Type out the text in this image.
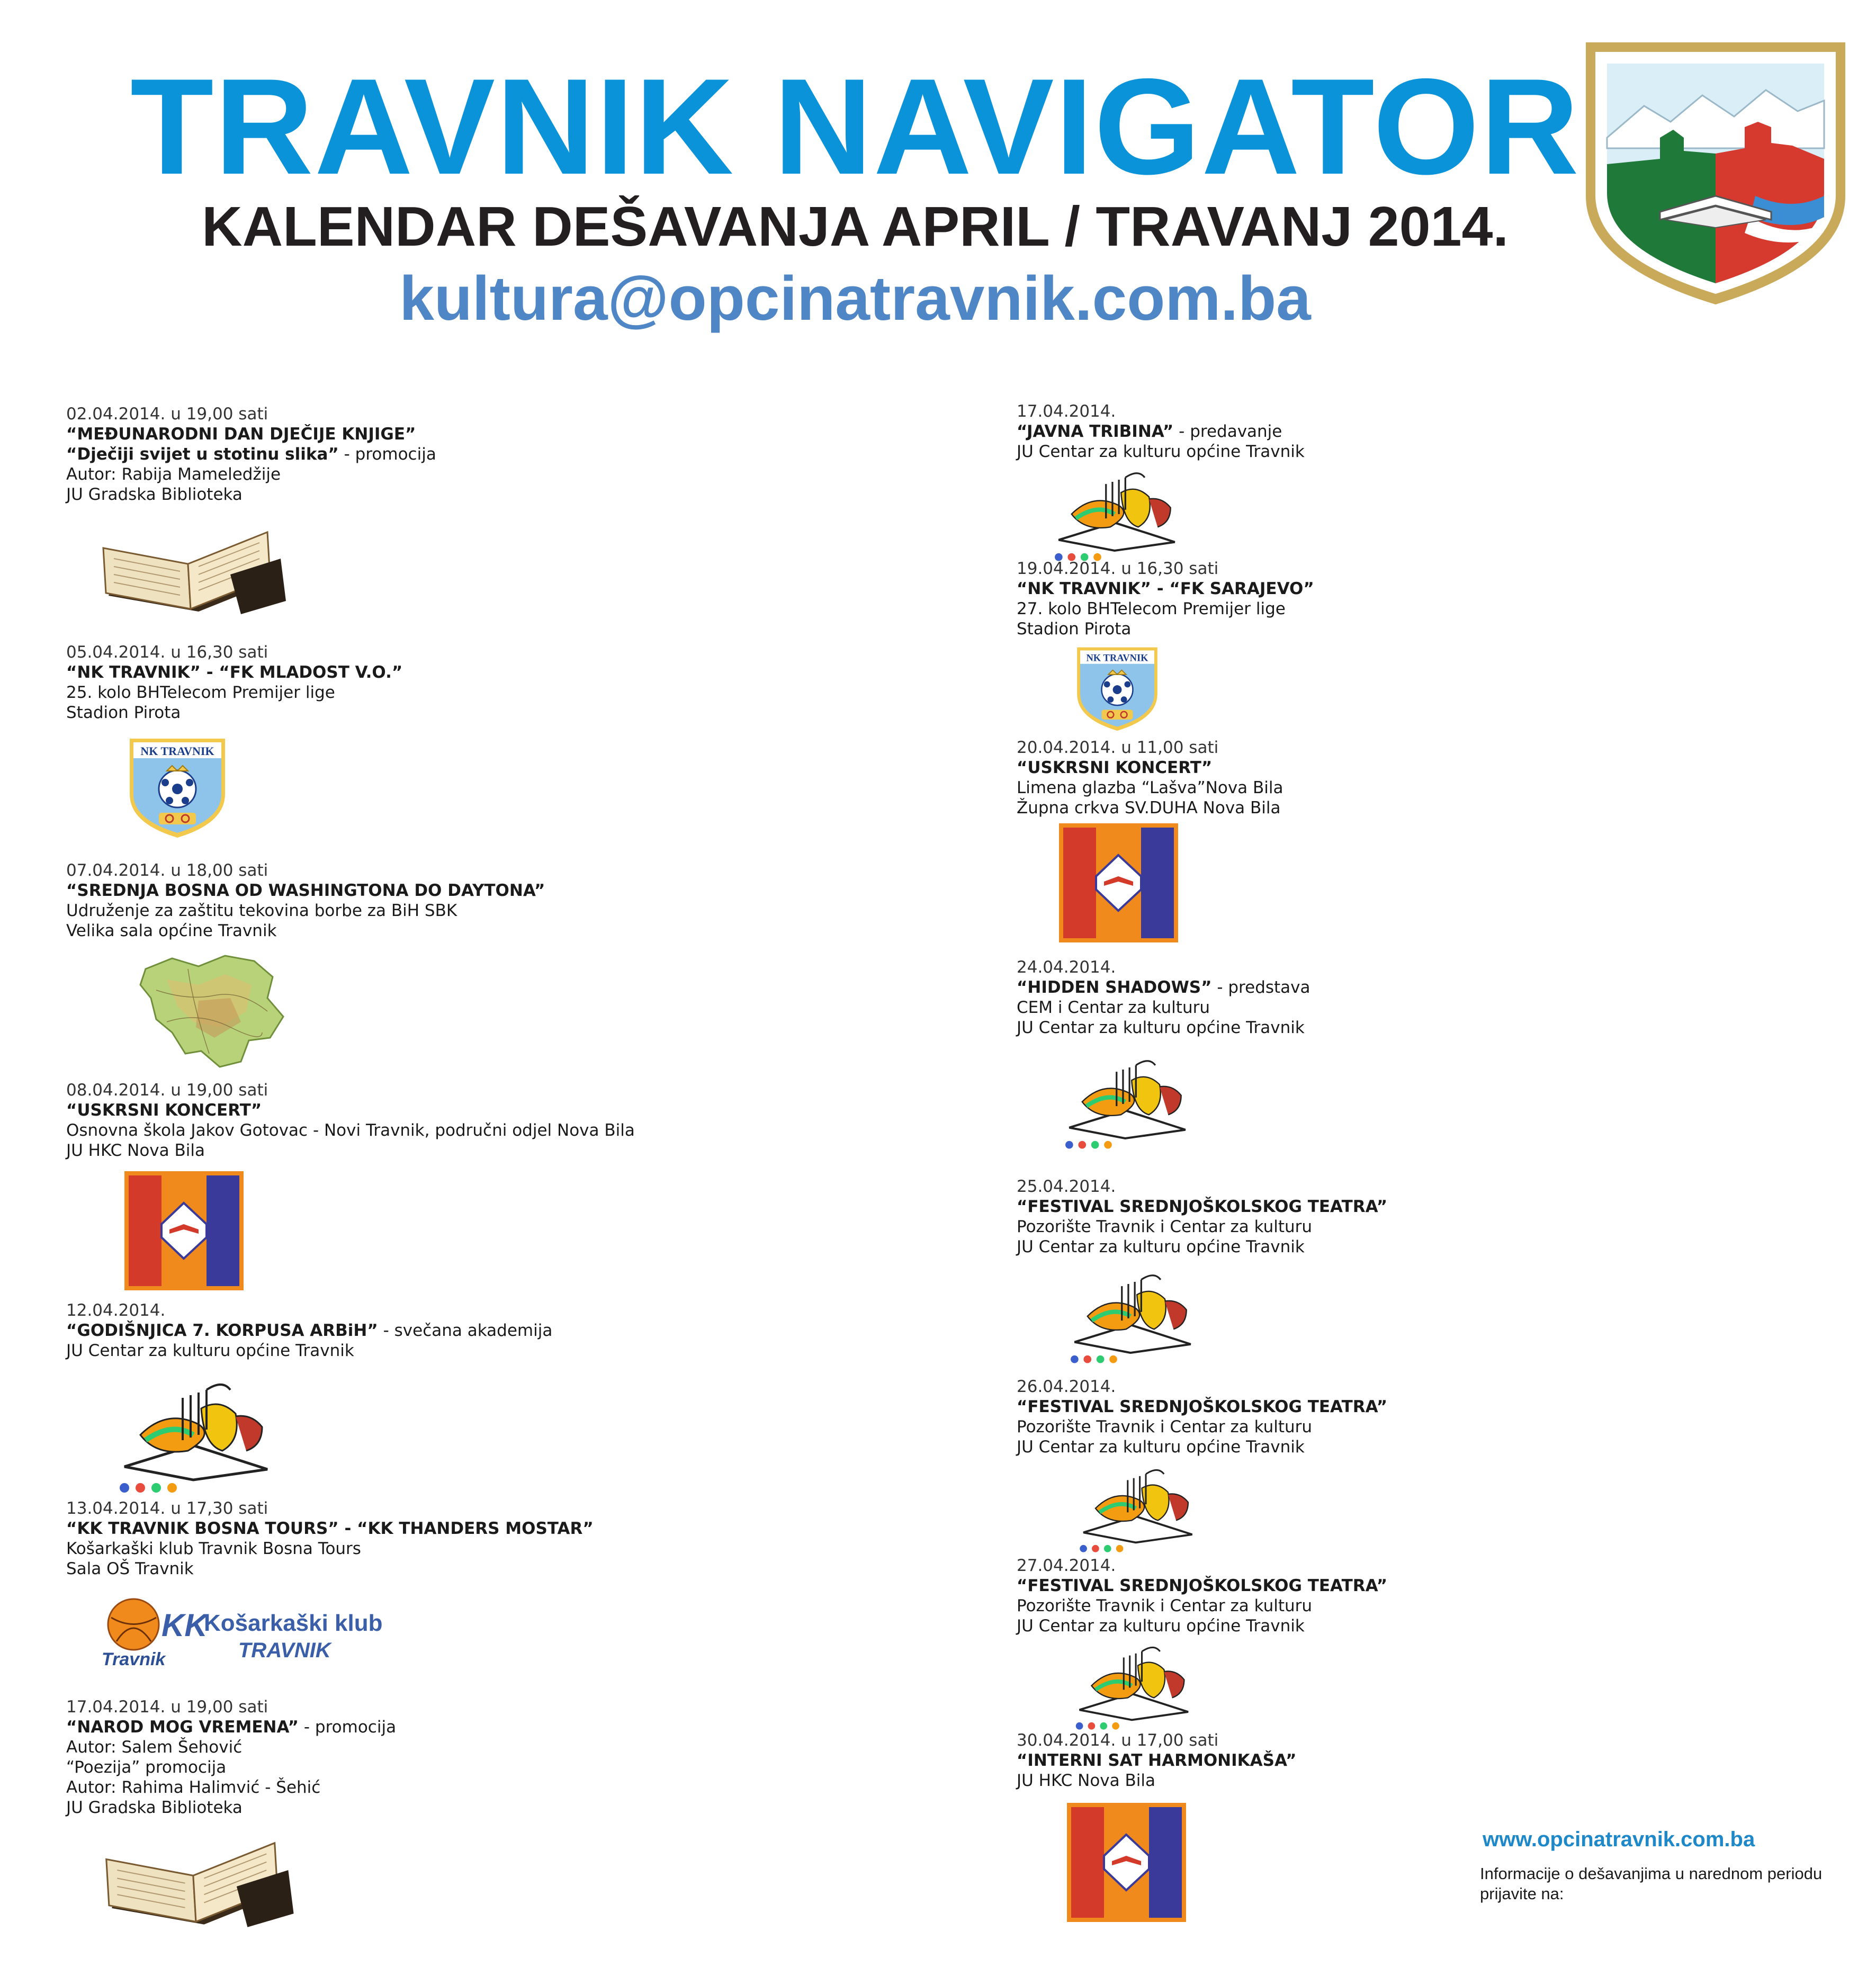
TRAVNIK NAVIGATOR
KALENDAR DEŠAVANJA APRIL / TRAVANJ 2014.
kultura@opcinatravnik.com.ba
02.04.2014. u 19,00 sati
“MEĐUNARODNI DAN DJEČIJE KNJIGE”
“Dječiji svijet u stotinu slika” - promocija
Autor: Rabija Mameledžije
JU Gradska Biblioteka
05.04.2014. u 16,30 sati
“NK TRAVNIK” - “FK MLADOST V.O.”
25. kolo BHTelecom Premijer lige
Stadion Pirota
NK TRAVNIK
07.04.2014. u 18,00 sati
“SREDNJA BOSNA OD WASHINGTONA DO DAYTONA”
Udruženje za zaštitu tekovina borbe za BiH SBK
Velika sala općine Travnik
08.04.2014. u 19,00 sati
“USKRSNI KONCERT”
Osnovna škola Jakov Gotovac - Novi Travnik, područni odjel Nova Bila
JU HKC Nova Bila
12.04.2014.
“GODIŠNJICA 7. KORPUSA ARBiH” - svečana akademija
JU Centar za kulturu općine Travnik
13.04.2014. u 17,30 sati
“KK TRAVNIK BOSNA TOURS” - “KK THANDERS MOSTAR”
Košarkaški klub Travnik Bosna Tours
Sala OŠ Travnik
KK
Travnik
Košarkaški klub
TRAVNIK
17.04.2014. u 19,00 sati
“NAROD MOG VREMENA” - promocija
Autor: Salem Šehović
“Poezija” promocija
Autor: Rahima Halimvić - Šehić
JU Gradska Biblioteka
17.04.2014.
“JAVNA TRIBINA” - predavanje
JU Centar za kulturu općine Travnik
19.04.2014. u 16,30 sati
“NK TRAVNIK” - “FK SARAJEVO”
27. kolo BHTelecom Premijer lige
Stadion Pirota
NK TRAVNIK
20.04.2014. u 11,00 sati
“USKRSNI KONCERT”
Limena glazba “Lašva”Nova Bila
Župna crkva SV.DUHA Nova Bila
24.04.2014.
“HIDDEN SHADOWS” - predstava
CEM i Centar za kulturu
JU Centar za kulturu općine Travnik
25.04.2014.
“FESTIVAL SREDNJOŠKOLSKOG TEATRA”
Pozorište Travnik i Centar za kulturu
JU Centar za kulturu općine Travnik
26.04.2014.
“FESTIVAL SREDNJOŠKOLSKOG TEATRA”
Pozorište Travnik i Centar za kulturu
JU Centar za kulturu općine Travnik
27.04.2014.
“FESTIVAL SREDNJOŠKOLSKOG TEATRA”
Pozorište Travnik i Centar za kulturu
JU Centar za kulturu općine Travnik
30.04.2014. u 17,00 sati
“INTERNI SAT HARMONIKAŠA”
JU HKC Nova Bila
www.opcinatravnik.com.ba
Informacije o dešavanjima u narednom periodu prijavite na:
